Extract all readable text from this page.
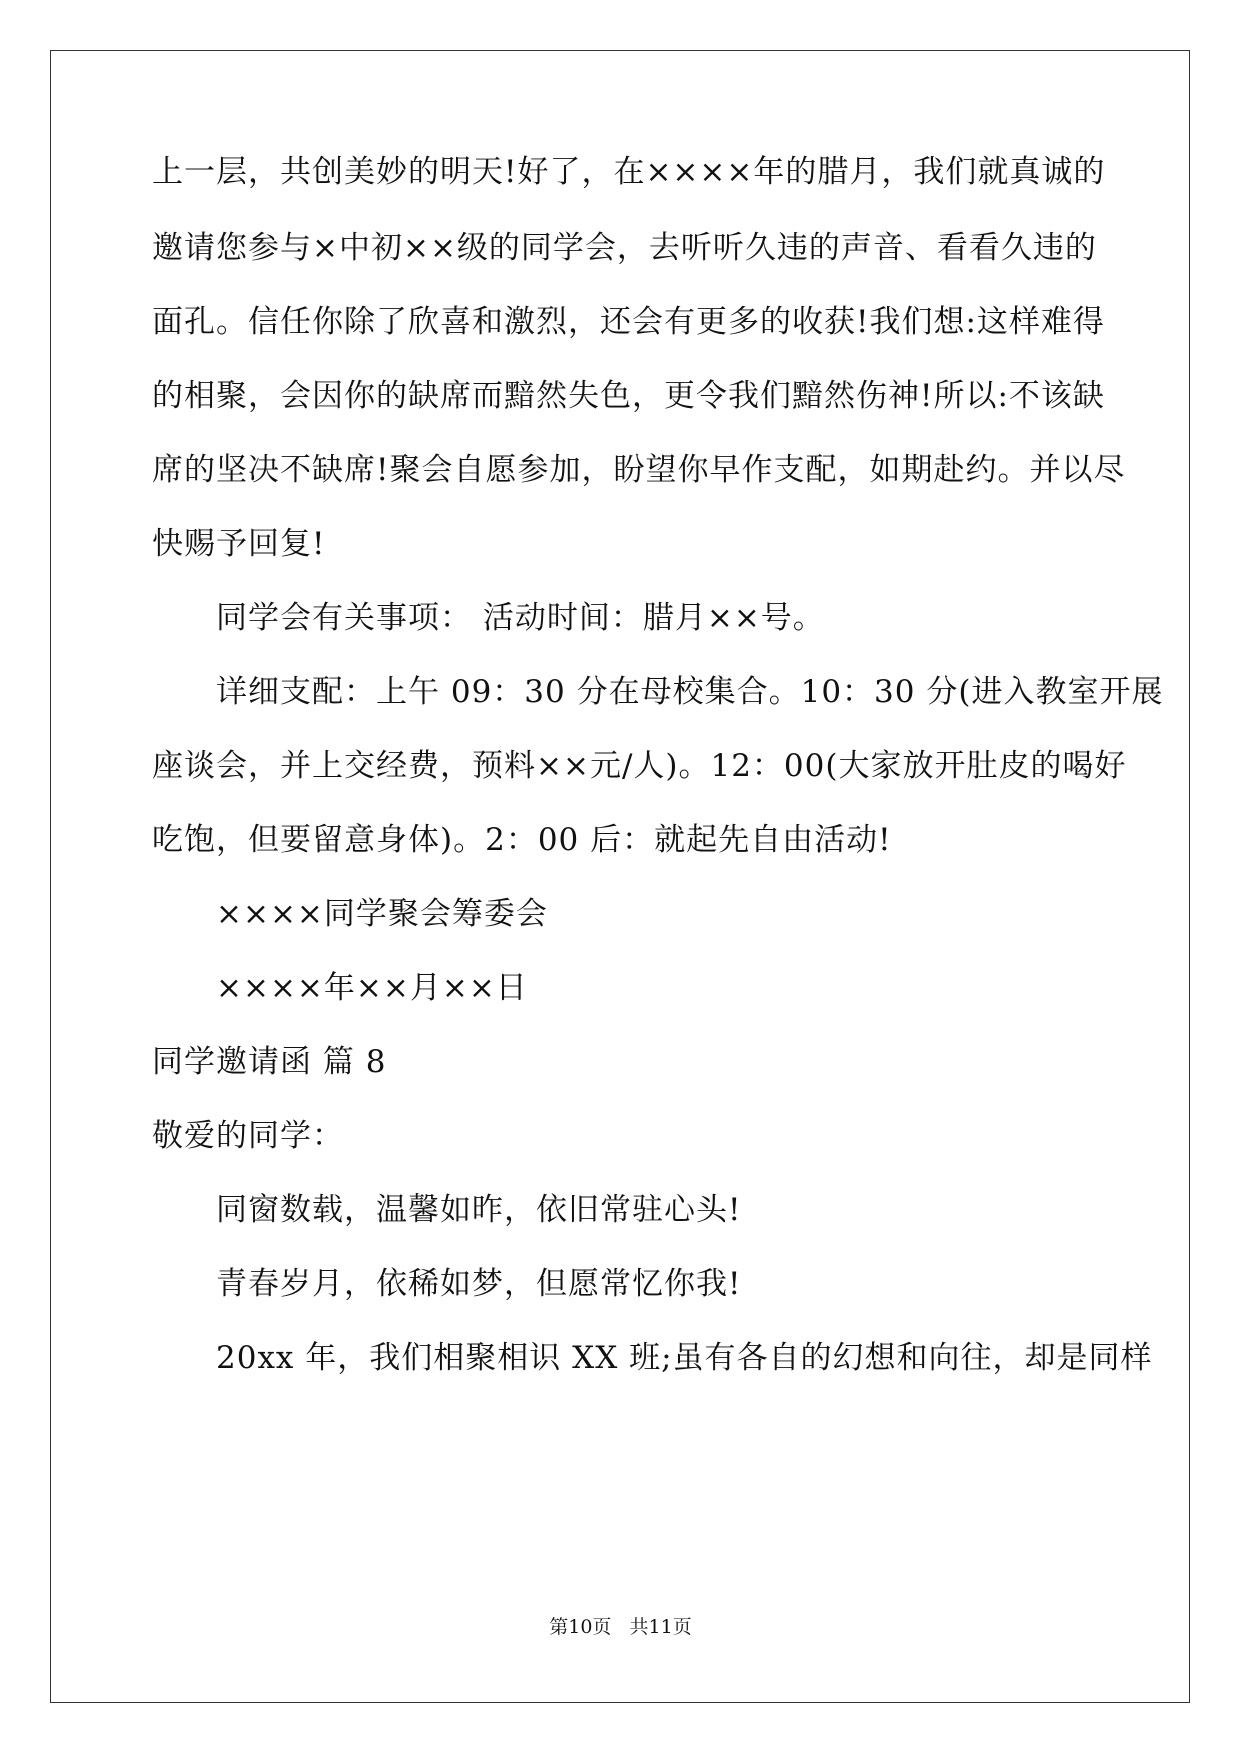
上一层，共创美妙的明天!好了，在××××年的腊月，我们就真诚的
邀请您参与×中初××级的同学会，去听听久违的声音、看看久违的
面孔。信任你除了欣喜和激烈，还会有更多的收获!我们想:这样难得
的相聚，会因你的缺席而黯然失色，更令我们黯然伤神!所以:不该缺
席的坚决不缺席!聚会自愿参加，盼望你早作支配，如期赴约。并以尽
快赐予回复!
同学会有关事项： 活动时间：腊月××号。
详细支配：上午 09：30 分在母校集合。10：30 分(进入教室开展
座谈会，并上交经费，预料××元/人)。12：00(大家放开肚皮的喝好
吃饱，但要留意身体)。2：00 后：就起先自由活动!
××××同学聚会筹委会
××××年××月××日
同学邀请函 篇 8
敬爱的同学：
同窗数载，温馨如昨，依旧常驻心头!
青春岁月，依稀如梦，但愿常忆你我!
20xx 年，我们相聚相识 XX 班;虽有各自的幻想和向往，却是同样
第10页   共11页
